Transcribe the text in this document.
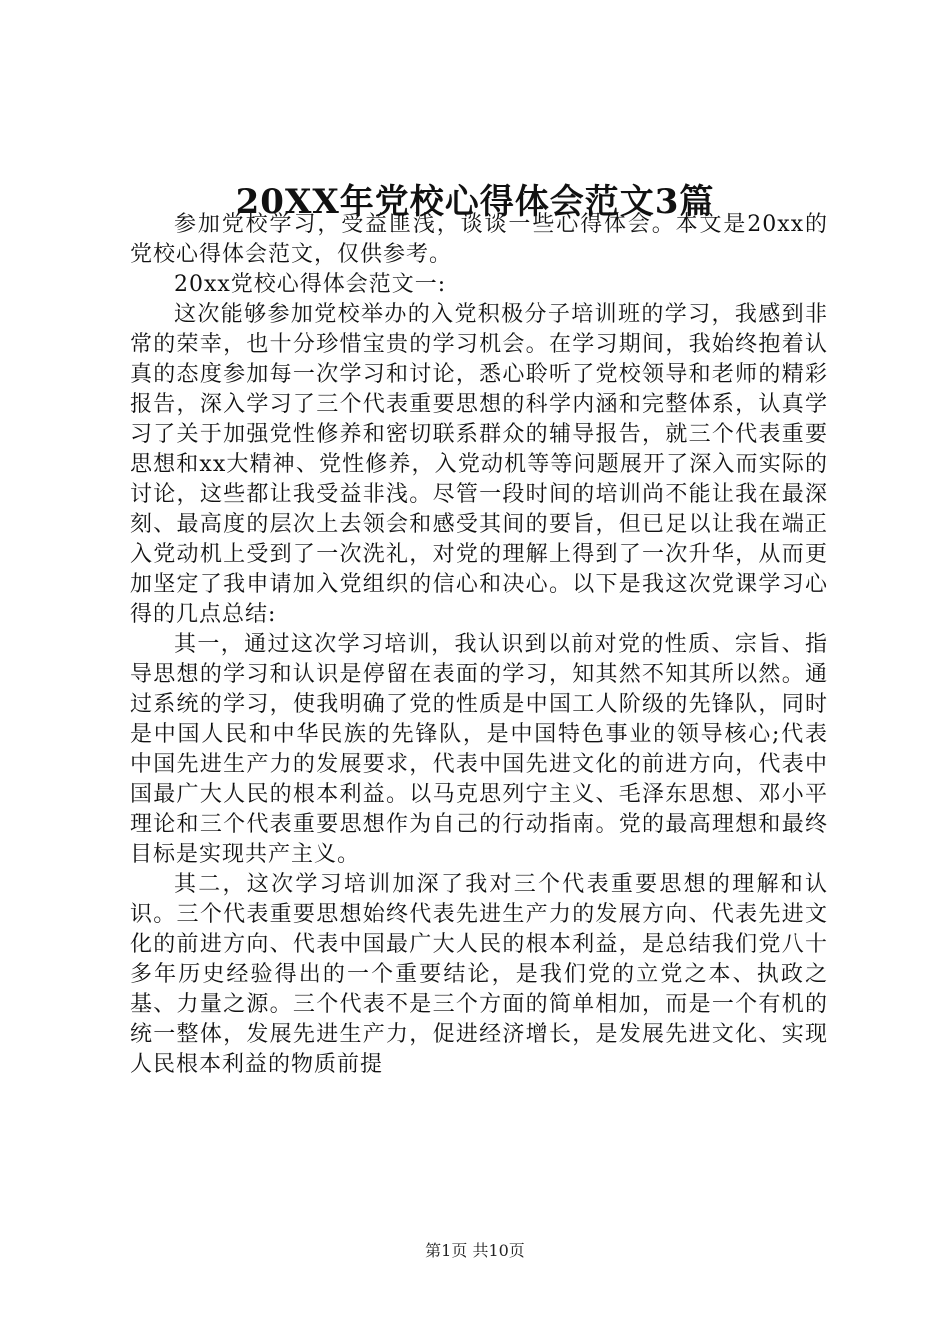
20XX年党校心得体会范文3篇

参加党校学习，受益匪浅，谈谈一些心得体会。本文是20xx的党校心得体会范文，仅供参考。

20xx党校心得体会范文一:

这次能够参加党校举办的入党积极分子培训班的学习，我感到非常的荣幸，也十分珍惜宝贵的学习机会。在学习期间，我始终抱着认真的态度参加每一次学习和讨论，悉心聆听了党校领导和老师的精彩报告，深入学习了三个代表重要思想的科学内涵和完整体系，认真学习了关于加强党性修养和密切联系群众的辅导报告，就三个代表重要思想和xx大精神、党性修养，入党动机等等问题展开了深入而实际的讨论，这些都让我受益非浅。尽管一段时间的培训尚不能让我在最深刻、最高度的层次上去领会和感受其间的要旨，但已足以让我在端正入党动机上受到了一次洗礼，对党的理解上得到了一次升华，从而更加坚定了我申请加入党组织的信心和决心。以下是我这次党课学习心得的几点总结:

其一，通过这次学习培训，我认识到以前对党的性质、宗旨、指导思想的学习和认识是停留在表面的学习，知其然不知其所以然。通过系统的学习，使我明确了党的性质是中国工人阶级的先锋队，同时是中国人民和中华民族的先锋队，是中国特色事业的领导核心;代表中国先进生产力的发展要求，代表中国先进文化的前进方向，代表中国最广大人民的根本利益。以马克思列宁主义、毛泽东思想、邓小平理论和三个代表重要思想作为自己的行动指南。党的最高理想和最终目标是实现共产主义。

其二，这次学习培训加深了我对三个代表重要思想的理解和认识。三个代表重要思想始终代表先进生产力的发展方向、代表先进文化的前进方向、代表中国最广大人民的根本利益，是总结我们党八十多年历史经验得出的一个重要结论，是我们党的立党之本、执政之基、力量之源。三个代表不是三个方面的简单相加，而是一个有机的统一整体，发展先进生产力，促进经济增长，是发展先进文化、实现人民根本利益的物质前提

第1页 共10页
